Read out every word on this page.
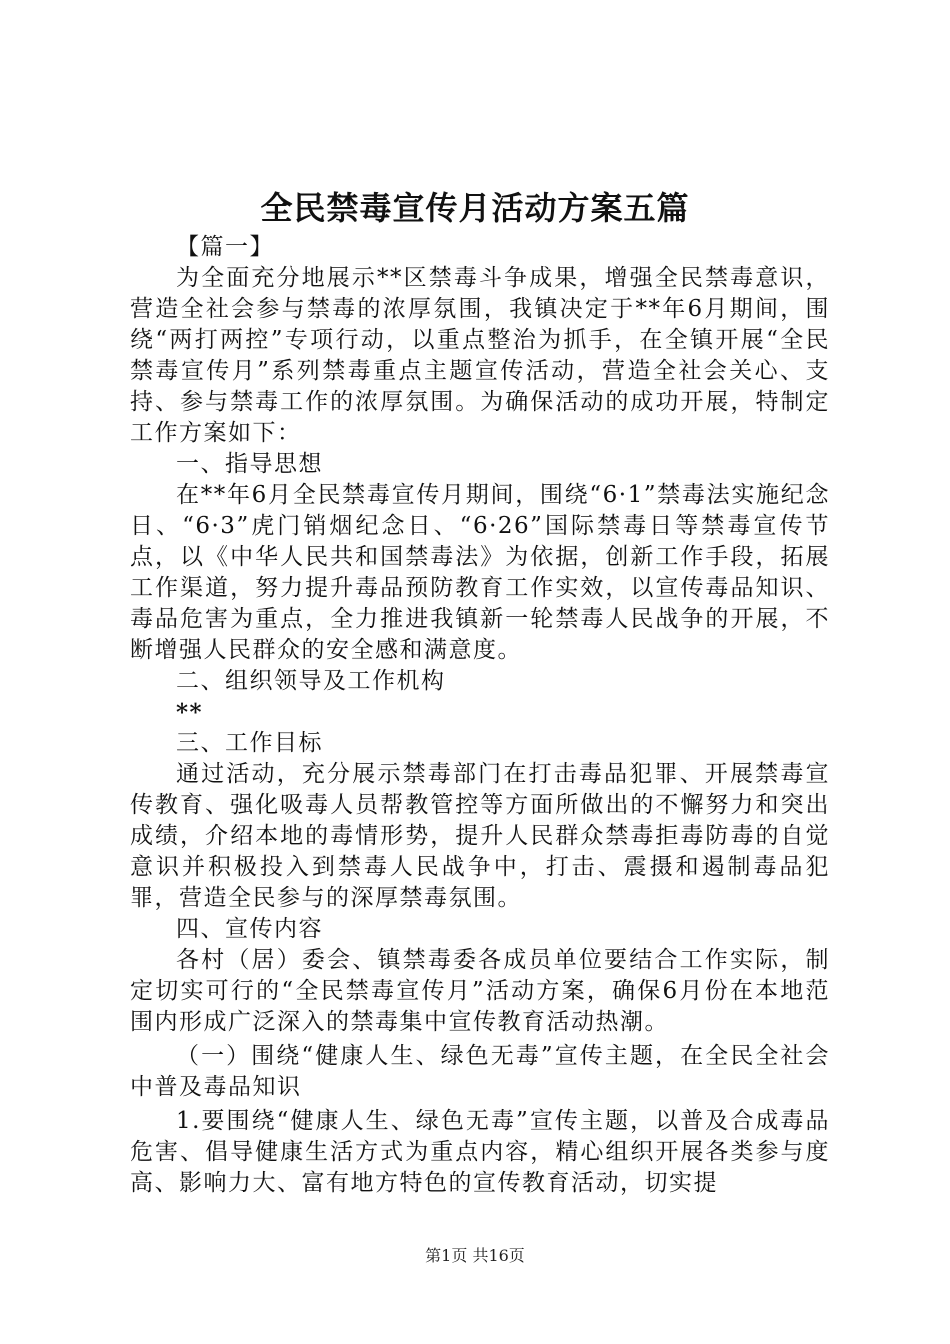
全民禁毒宣传月活动方案五篇

【篇一】

为全面充分地展示**区禁毒斗争成果，增强全民禁毒意识，营造全社会参与禁毒的浓厚氛围，我镇决定于**年6月期间，围绕“两打两控”专项行动，以重点整治为抓手，在全镇开展“全民禁毒宣传月”系列禁毒重点主题宣传活动，营造全社会关心、支持、参与禁毒工作的浓厚氛围。为确保活动的成功开展，特制定工作方案如下：

一、指导思想

在**年6月全民禁毒宣传月期间，围绕“6·1”禁毒法实施纪念日、“6·3”虎门销烟纪念日、“6·26”国际禁毒日等禁毒宣传节点，以《中华人民共和国禁毒法》为依据，创新工作手段，拓展工作渠道，努力提升毒品预防教育工作实效，以宣传毒品知识、毒品危害为重点，全力推进我镇新一轮禁毒人民战争的开展，不断增强人民群众的安全感和满意度。

二、组织领导及工作机构

**

三、工作目标

通过活动，充分展示禁毒部门在打击毒品犯罪、开展禁毒宣传教育、强化吸毒人员帮教管控等方面所做出的不懈努力和突出成绩，介绍本地的毒情形势，提升人民群众禁毒拒毒防毒的自觉意识并积极投入到禁毒人民战争中，打击、震摄和遏制毒品犯罪，营造全民参与的深厚禁毒氛围。

四、宣传内容

各村（居）委会、镇禁毒委各成员单位要结合工作实际，制定切实可行的“全民禁毒宣传月”活动方案，确保6月份在本地范围内形成广泛深入的禁毒集中宣传教育活动热潮。

（一）围绕“健康人生、绿色无毒”宣传主题，在全民全社会中普及毒品知识

1.要围绕“健康人生、绿色无毒”宣传主题，以普及合成毒品危害、倡导健康生活方式为重点内容，精心组织开展各类参与度高、影响力大、富有地方特色的宣传教育活动，切实提

第1页 共16页
